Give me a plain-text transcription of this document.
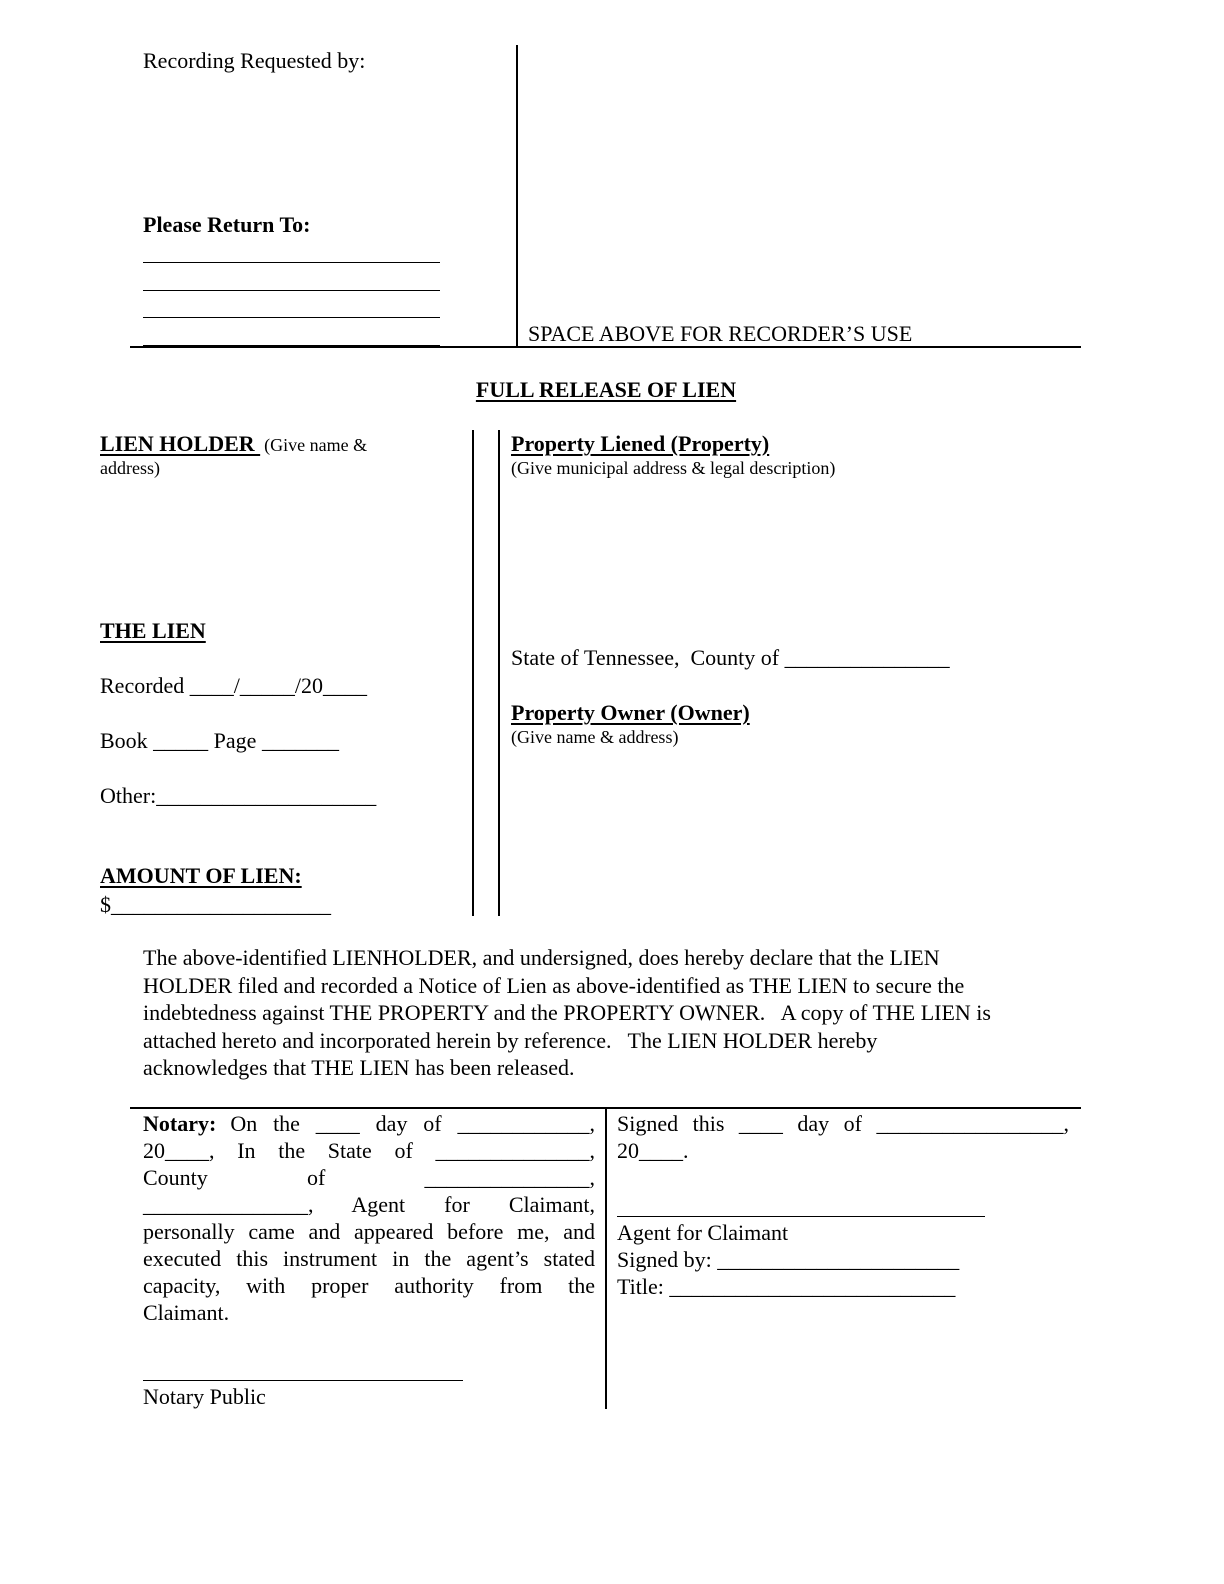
Recording Requested by:
Please Return To:
SPACE ABOVE FOR RECORDER’S USE
FULL RELEASE OF LIEN
LIEN HOLDER  (Give name &
address)
THE LIEN
Recorded ____/_____/20____
Book _____ Page _______
Other:____________________
AMOUNT OF LIEN:
$____________________
Property Liened (Property)
(Give municipal address & legal description)
State of Tennessee,  County of _______________
Property Owner (Owner)
(Give name & address)
The above-identified LIENHOLDER, and undersigned, does hereby declare that the LIEN
HOLDER filed and recorded a Notice of Lien as above-identified as THE LIEN to secure the
indebtedness against THE PROPERTY and the PROPERTY OWNER.   A copy of THE LIEN is
attached hereto and incorporated herein by reference.   The LIEN HOLDER hereby
acknowledges that THE LIEN has been released.
Notary: On the ____ day of ____________,
20____, In the State of ______________,
County of _______________,
_______________, Agent for Claimant,
personally came and appeared before me, and
executed this instrument in the agent’s stated
capacity, with proper authority from the
Claimant.
Notary Public
Signed this ____ day of _________________,
20____.
Agent for Claimant
Signed by: ______________________
Title: __________________________
